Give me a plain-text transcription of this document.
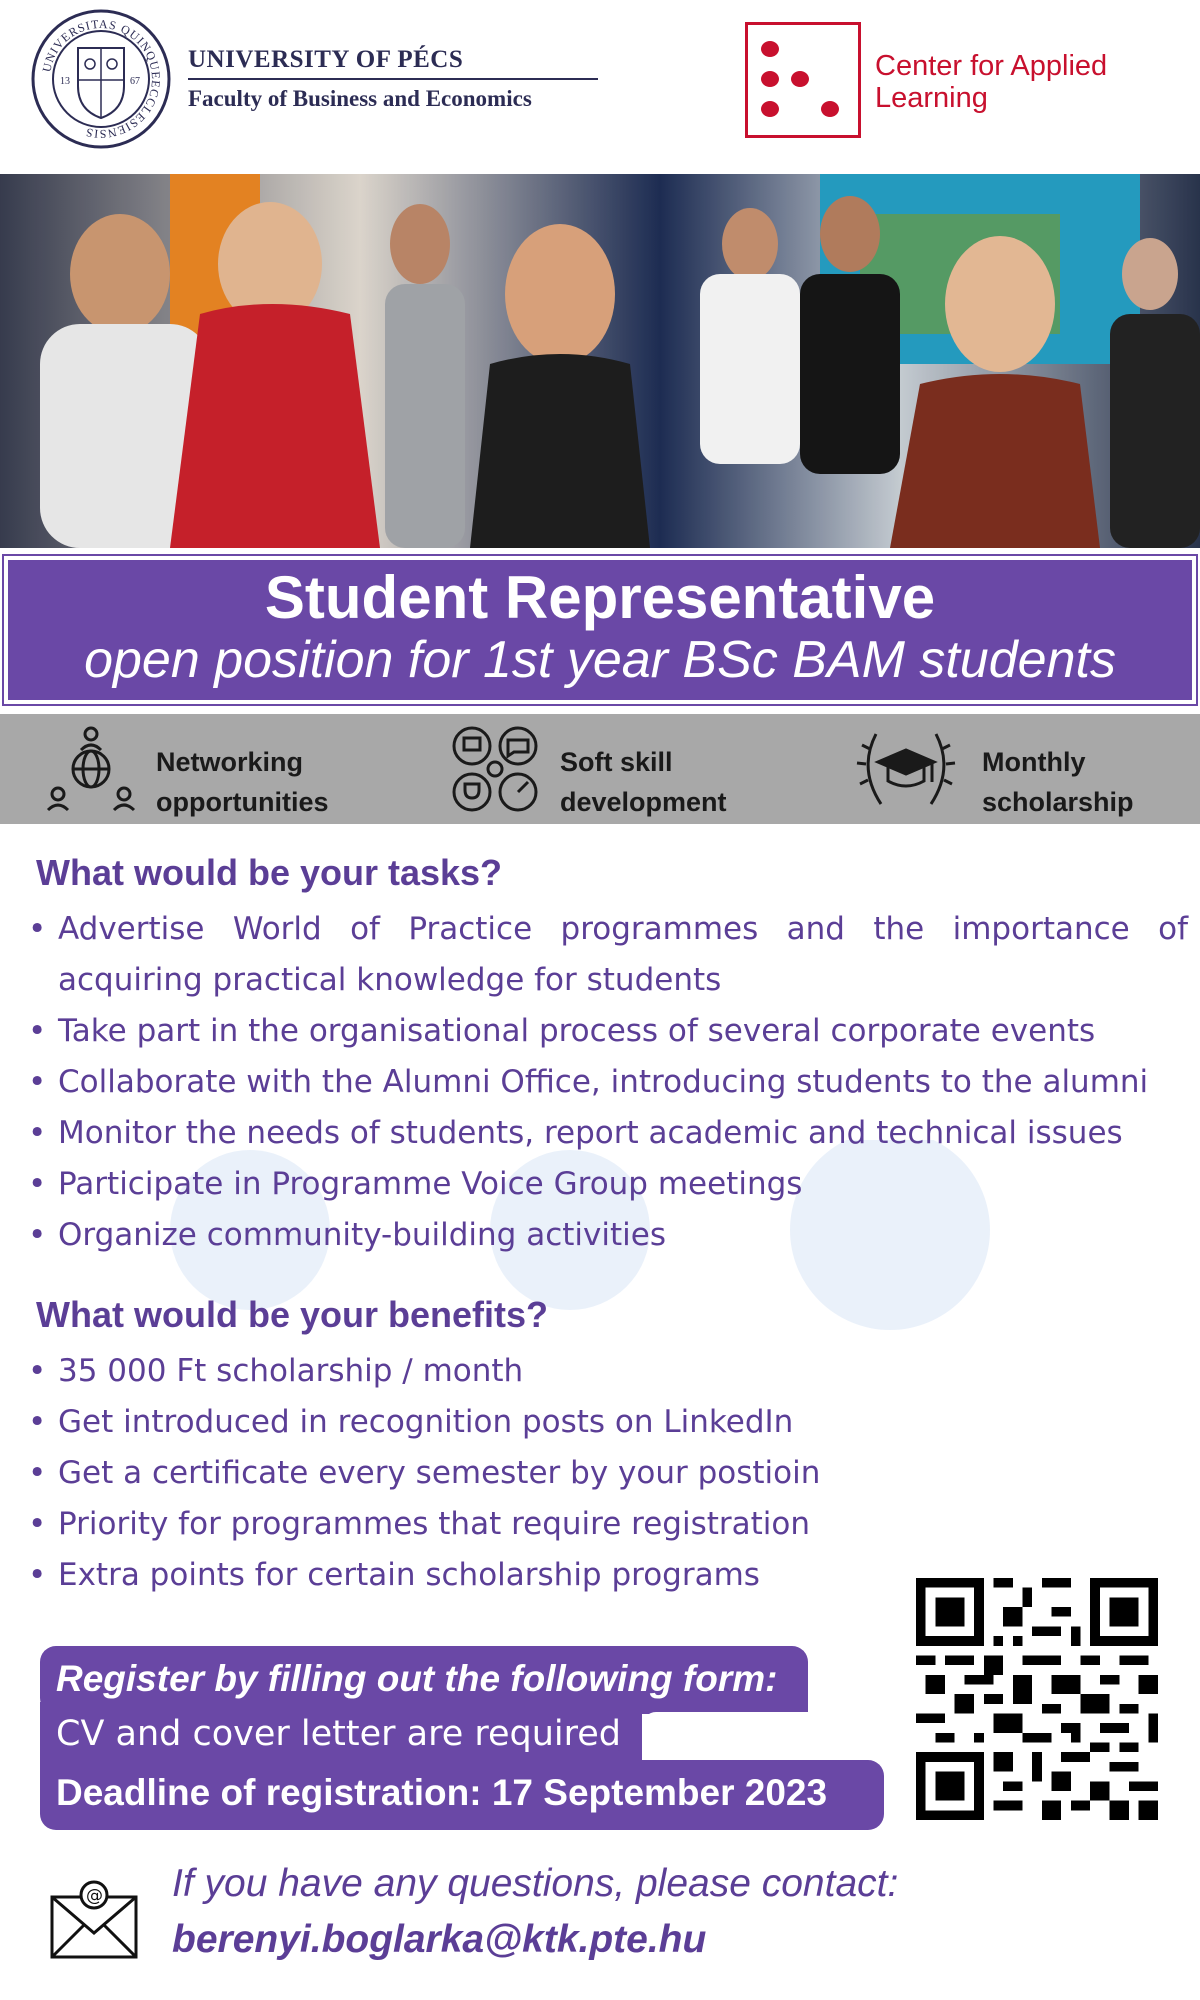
13	67
UNIVERSITAS QUINQUEECCLESIENSIS
UNIVERSITY OF PÉCS
Faculty of Business and Economics
Center for Applied
Learning
Student Representative
open position for 1st year BSc BAM students
Networking
opportunities
Soft skill
development
Monthly
scholarship
What would be your tasks?
• Advertise World of Practice programmes and the importance of acquiring practical knowledge for students
• Take part in the organisational process of several corporate events
• Collaborate with the Alumni Office, introducing students to the alumni
• Monitor the needs of students, report academic and technical issues
• Participate in Programme Voice Group meetings
• Organize community-building activities
What would be your benefits?
• 35 000 Ft scholarship / month
• Get introduced in recognition posts on LinkedIn
• Get a certificate every semester by your postioin
• Priority for programmes that require registration
• Extra points for certain scholarship programs
Register by filling out the following form:
CV and cover letter are required
Deadline of registration: 17 September 2023
@ If you have any questions, please contact:
berenyi.boglarka@ktk.pte.hu
